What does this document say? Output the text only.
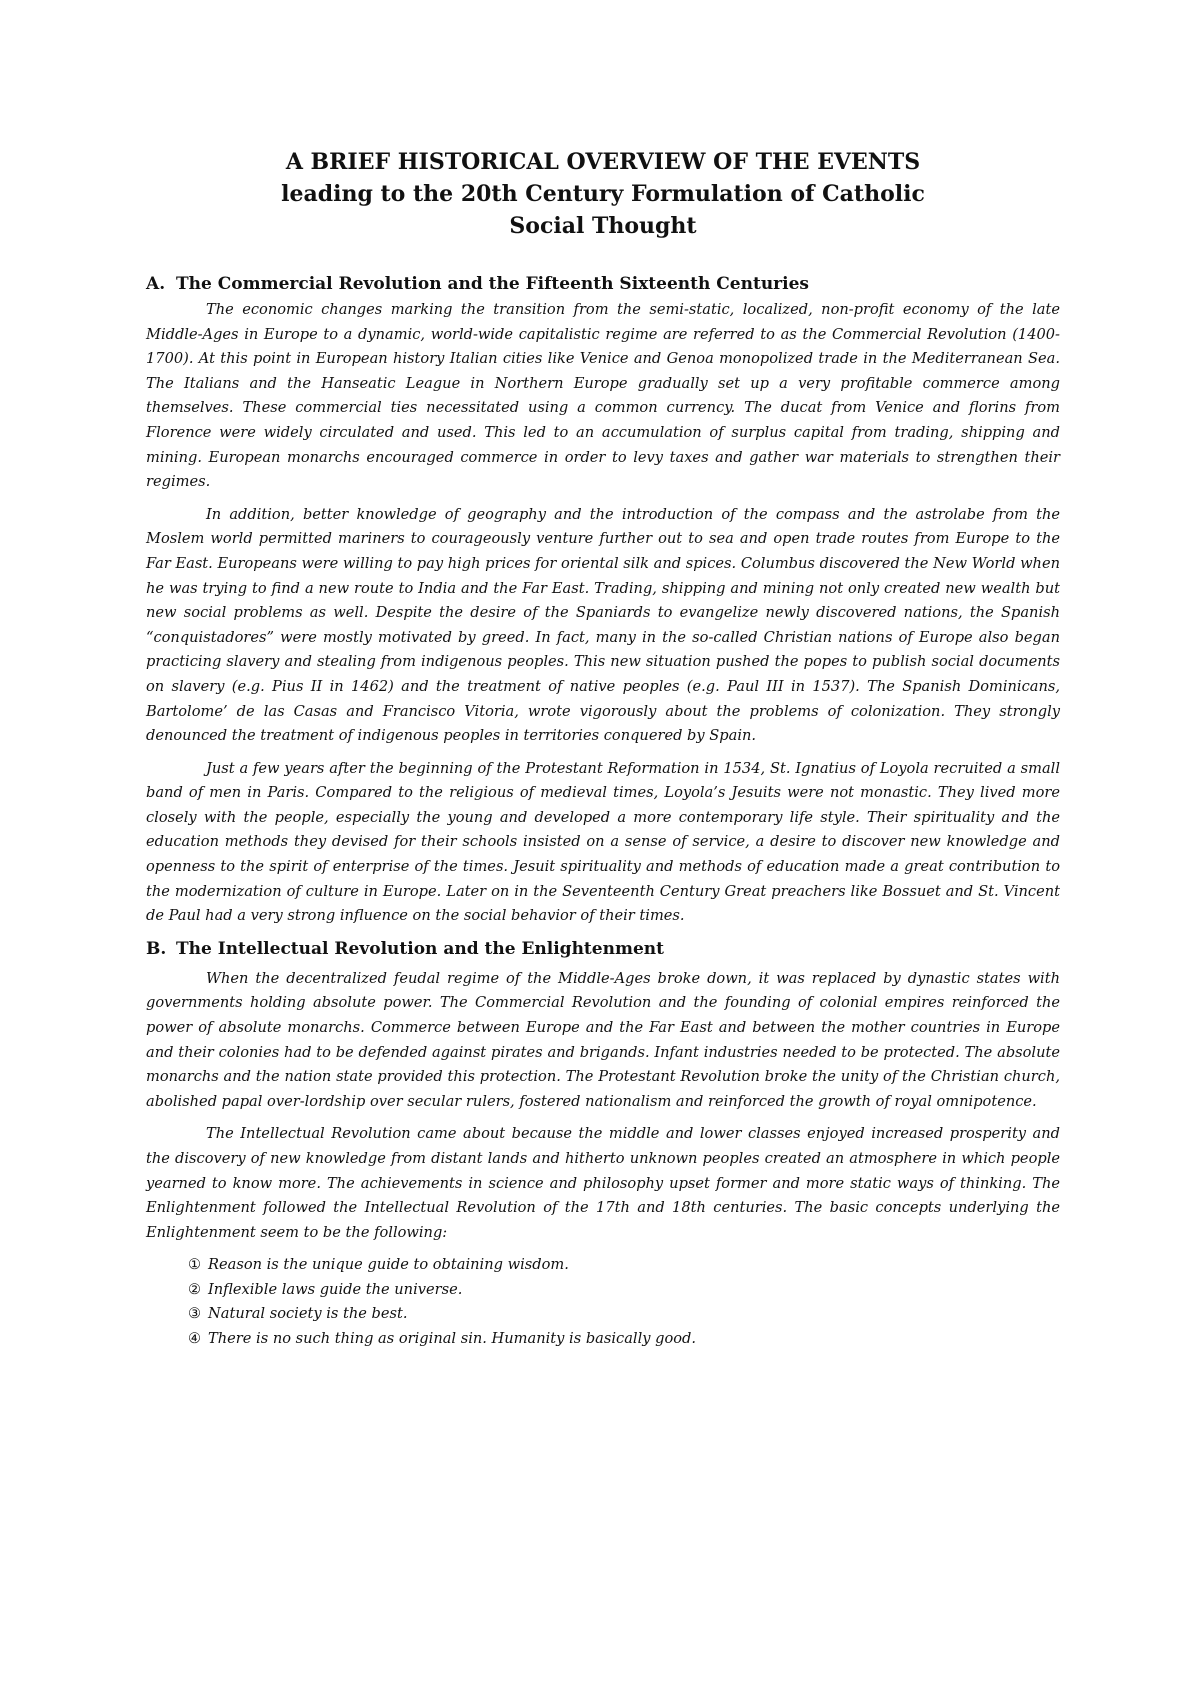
A BRIEF HISTORICAL OVERVIEW OF THE EVENTS

leading to the 20th Century Formulation of Catholic

Social Thought

A. The Commercial Revolution and the Fifteenth Sixteenth Centuries

The economic changes marking the transition from the semi-static, localized, non-profit economy of the late Middle-Ages in Europe to a dynamic, world-wide capitalistic regime are referred to as the Commercial Revolution (1400-1700). At this point in European history Italian cities like Venice and Genoa monopolized trade in the Mediterranean Sea. The Italians and the Hanseatic League in Northern Europe gradually set up a very profitable commerce among themselves. These commercial ties necessitated using a common currency. The ducat from Venice and florins from Florence were widely circulated and used. This led to an accumulation of surplus capital from trading, shipping and mining. European monarchs encouraged commerce in order to levy taxes and gather war materials to strengthen their regimes.

In addition, better knowledge of geography and the introduction of the compass and the astrolabe from the Moslem world permitted mariners to courageously venture further out to sea and open trade routes from Europe to the Far East. Europeans were willing to pay high prices for oriental silk and spices. Columbus discovered the New World when he was trying to find a new route to India and the Far East. Trading, shipping and mining not only created new wealth but new social problems as well. Despite the desire of the Spaniards to evangelize newly discovered nations, the Spanish “conquistadores” were mostly motivated by greed. In fact, many in the so-called Christian nations of Europe also began practicing slavery and stealing from indigenous peoples. This new situation pushed the popes to publish social documents on slavery (e.g. Pius II in 1462) and the treatment of native peoples (e.g. Paul III in 1537). The Spanish Dominicans, Bartolome’ de las Casas and Francisco Vitoria, wrote vigorously about the problems of colonization. They strongly denounced the treatment of indigenous peoples in territories conquered by Spain.

Just a few years after the beginning of the Protestant Reformation in 1534, St. Ignatius of Loyola recruited a small band of men in Paris. Compared to the religious of medieval times, Loyola’s Jesuits were not monastic. They lived more closely with the people, especially the young and developed a more contemporary life style. Their spirituality and the education methods they devised for their schools insisted on a sense of service, a desire to discover new knowledge and openness to the spirit of enterprise of the times. Jesuit spirituality and methods of education made a great contribution to the modernization of culture in Europe. Later on in the Seventeenth Century Great preachers like Bossuet and St. Vincent de Paul had a very strong influence on the social behavior of their times.

B. The Intellectual Revolution and the Enlightenment

When the decentralized feudal regime of the Middle-Ages broke down, it was replaced by dynastic states with governments holding absolute power. The Commercial Revolution and the founding of colonial empires reinforced the power of absolute monarchs. Commerce between Europe and the Far East and between the mother countries in Europe and their colonies had to be defended against pirates and brigands. Infant industries needed to be protected. The absolute monarchs and the nation state provided this protection. The Protestant Revolution broke the unity of the Christian church, abolished papal over-lordship over secular rulers, fostered nationalism and reinforced the growth of royal omnipotence.

The Intellectual Revolution came about because the middle and lower classes enjoyed increased prosperity and the discovery of new knowledge from distant lands and hitherto unknown peoples created an atmosphere in which people yearned to know more. The achievements in science and philosophy upset former and more static ways of thinking. The Enlightenment followed the Intellectual Revolution of the 17th and 18th centuries. The basic concepts underlying the Enlightenment seem to be the following:

① Reason is the unique guide to obtaining wisdom.
② Inflexible laws guide the universe.
③ Natural society is the best.
④ There is no such thing as original sin. Humanity is basically good.
